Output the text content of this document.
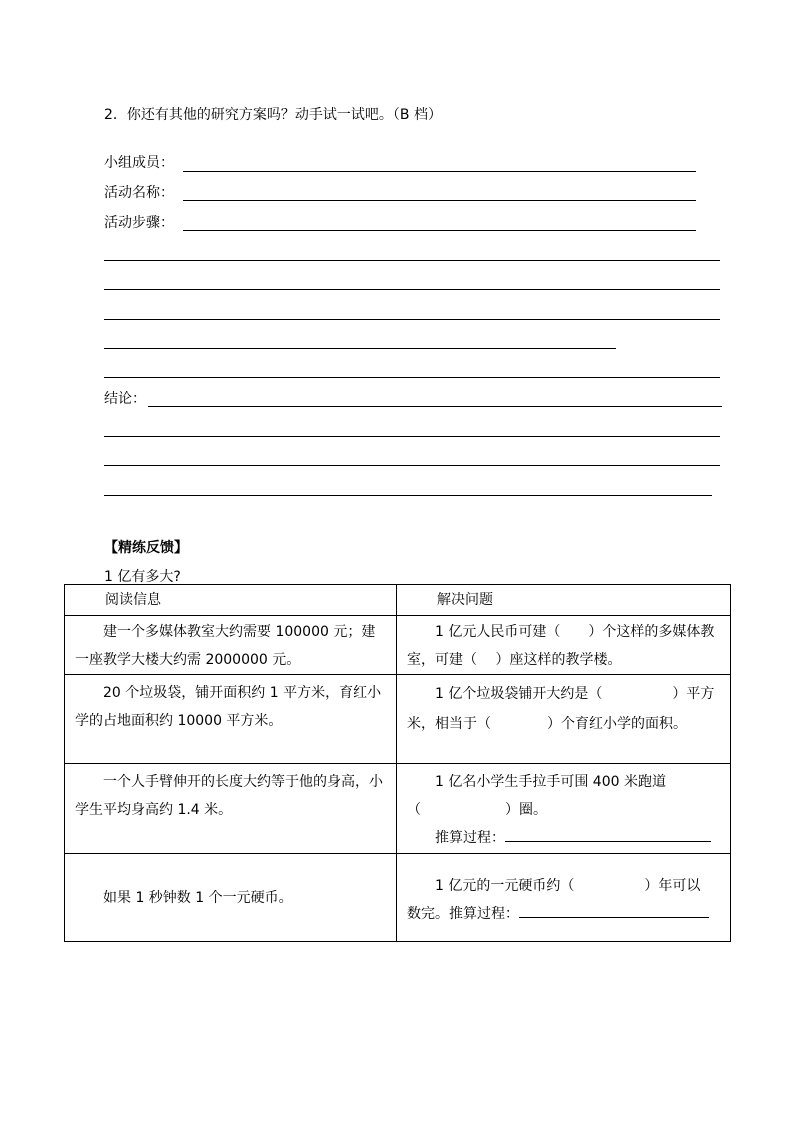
2．你还有其他的研究方案吗？动手试一试吧。（B 档）
小组成员：
活动名称：
活动步骤：
结论：
【精练反馈】
1 亿有多大?
阅读信息	解决问题
建一个多媒体教室大约需要 100000 元；建一座教学大楼大约需 2000000 元。	1 亿元人民币可建（　　）个这样的多媒体教室，可建（　 ）座这样的教学楼。
20 个垃圾袋，铺开面积约 1 平方米，育红小学的占地面积约 10000 平方米。	1 亿个垃圾袋铺开大约是（　　　　　）平方米，相当于（　　　　）个育红小学的面积。
一个人手臂伸开的长度大约等于他的身高，小学生平均身高约 1.4 米。	1 亿名小学生手拉手可围 400 米跑道（　　　　　　）圈。
推算过程：

如果 1 秒钟数 1 个一元硬币。	1 亿元的一元硬币约（　　　　　）年可以
数完。推算过程：
